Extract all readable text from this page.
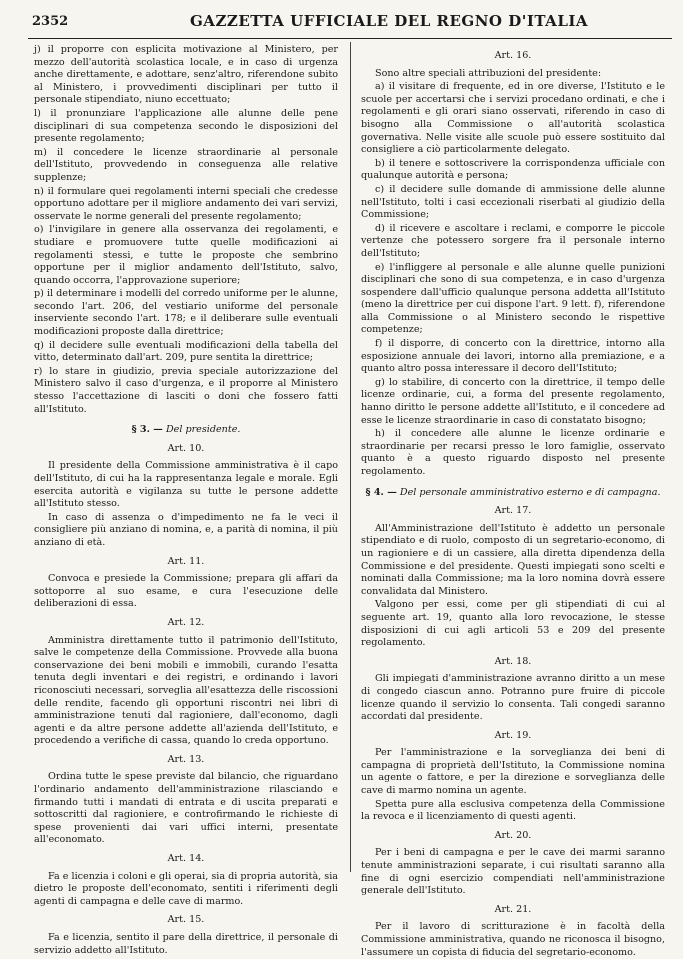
2352	GAZZETTA UFFICIALE DEL REGNO D'ITALIA

j) il proporre con esplicita motivazione al Ministero, per mezzo dell'autorità scolastica locale, e in caso di urgenza anche direttamente, e adottare, senz'altro, riferendone subito al Ministero, i provvedimenti disciplinari per tutto il personale stipendiato, niuno eccettuato;

l) il pronunziare l'applicazione alle alunne delle pene disciplinari di sua competenza secondo le disposizioni del presente regolamento;

m) il concedere le licenze straordinarie al personale dell'Istituto, provvedendo in conseguenza alle relative supplenze;

n) il formulare quei regolamenti interni speciali che credesse opportuno adottare per il migliore andamento dei vari servizi, osservate le norme generali del presente regolamento;

o) l'invigilare in genere alla osservanza dei regolamenti, e studiare e promuovere tutte quelle modificazioni ai regolamenti stessi, e tutte le proposte che sembrino opportune per il miglior andamento dell'Istituto, salvo, quando occorra, l'approvazione superiore;

p) il determinare i modelli del corredo uniforme per le alunne, secondo l'art. 206, del vestiario uniforme del personale inserviente secondo l'art. 178; e il deliberare sulle eventuali modificazioni proposte dalla direttrice;

q) il decidere sulle eventuali modificazioni della tabella del vitto, determinato dall'art. 209, pure sentita la direttrice;

r) lo stare in giudizio, previa speciale autorizzazione del Ministero salvo il caso d'urgenza, e il proporre al Ministero stesso l'accettazione di lasciti o doni che fossero fatti all'Istituto.

§ 3. — Del presidente.
Art. 10.

Il presidente della Commissione amministrativa è il capo dell'Istituto, di cui ha la rappresentanza legale e morale. Egli esercita autorità e vigilanza su tutte le persone addette all'Istituto stesso.

In caso di assenza o d'impedimento ne fa le veci il consigliere più anziano di nomina, e, a parità di nomina, il più anziano di età.

Art. 11.

Convoca e presiede la Commissione; prepara gli affari da sottoporre al suo esame, e cura l'esecuzione delle deliberazioni di essa.

Art. 12.

Amministra direttamente tutto il patrimonio dell'Istituto, salve le competenze della Commissione. Provvede alla buona conservazione dei beni mobili e immobili, curando l'esatta tenuta degli inventari e dei registri, e ordinando i lavori riconosciuti necessari, sorveglia all'esattezza delle riscossioni delle rendite, facendo gli opportuni riscontri nei libri di amministrazione tenuti dal ragioniere, dall'economo, dagli agenti e da altre persone addette all'azienda dell'Istituto, e procedendo a verifiche di cassa, quando lo creda opportuno.

Art. 13.

Ordina tutte le spese previste dal bilancio, che riguardano l'ordinario andamento dell'amministrazione rilasciando e firmando tutti i mandati di entrata e di uscita preparati e sottoscritti dal ragioniere, e controfirmando le richieste di spese provenienti dai vari uffici interni, presentate all'economato.

Art. 14.

Fa e licenzia i coloni e gli operai, sia di propria autorità, sia dietro le proposte dell'economato, sentiti i riferimenti degli agenti di campagna e delle cave di marmo.

Art. 15.

Fa e licenzia, sentito il pare della direttrice, il personale di servizio addetto all'Istituto.

Art. 16.

Sono altre speciali attribuzioni del presidente:

a) il visitare di frequente, ed in ore diverse, l'Istituto e le scuole per accertarsi che i servizi procedano ordinati, e che i regolamenti e gli orari siano osservati, riferendo in caso di bisogno alla Commissione o all'autorità scolastica governativa. Nelle visite alle scuole può essere sostituito dal consigliere a ciò particolarmente delegato.

b) il tenere e sottoscrivere la corrispondenza ufficiale con qualunque autorità e persona;

c) il decidere sulle domande di ammissione delle alunne nell'Istituto, tolti i casi eccezionali riserbati al giudizio della Commissione;

d) il ricevere e ascoltare i reclami, e comporre le piccole vertenze che potessero sorgere fra il personale interno dell'Istituto;

e) l'infliggere al personale e alle alunne quelle punizioni disciplinari che sono di sua competenza, e in caso d'urgenza sospendere dall'ufficio qualunque persona addetta all'Istituto (meno la direttrice per cui dispone l'art. 9 lett. f), riferendone alla Commissione o al Ministero secondo le rispettive competenze;

f) il disporre, di concerto con la direttrice, intorno alla esposizione annuale dei lavori, intorno alla premiazione, e a quanto altro possa interessare il decoro dell'Istituto;

g) lo stabilire, di concerto con la direttrice, il tempo delle licenze ordinarie, cui, a forma del presente regolamento, hanno diritto le persone addette all'Istituto, e il concedere ad esse le licenze straordinarie in caso di constatato bisogno;

h) il concedere alle alunne le licenze ordinarie e straordinarie per recarsi presso le loro famiglie, osservato quanto è a questo riguardo disposto nel presente regolamento.

§ 4. — Del personale amministrativo esterno e di campagna.
Art. 17.

All'Amministrazione dell'Istituto è addetto un personale stipendiato e di ruolo, composto di un segretario-economo, di un ragioniere e di un cassiere, alla diretta dipendenza della Commissione e del presidente. Questi impiegati sono scelti e nominati dalla Commissione; ma la loro nomina dovrà essere convalidata dal Ministero.

Valgono per essi, come per gli stipendiati di cui al seguente art. 19, quanto alla loro revocazione, le stesse disposizioni di cui agli articoli 53 e 209 del presente regolamento.

Art. 18.

Gli impiegati d'amministrazione avranno diritto a un mese di congedo ciascun anno. Potranno pure fruire di piccole licenze quando il servizio lo consenta. Tali congedi saranno accordati dal presidente.

Art. 19.

Per l'amministrazione e la sorveglianza dei beni di campagna di proprietà dell'Istituto, la Commissione nomina un agente o fattore, e per la direzione e sorveglianza delle cave di marmo nomina un agente.

Spetta pure alla esclusiva competenza della Commissione la revoca e il licenziamento di questi agenti.

Art. 20.

Per i beni di campagna e per le cave dei marmi saranno tenute amministrazioni separate, i cui risultati saranno alla fine di ogni esercizio compendiati nell'amministrazione generale dell'Istituto.

Art. 21.

Per il lavoro di scritturazione è in facoltà della Commissione amministrativa, quando ne riconosca il bisogno, l'assumere un copista di fiducia del segretario-economo.
